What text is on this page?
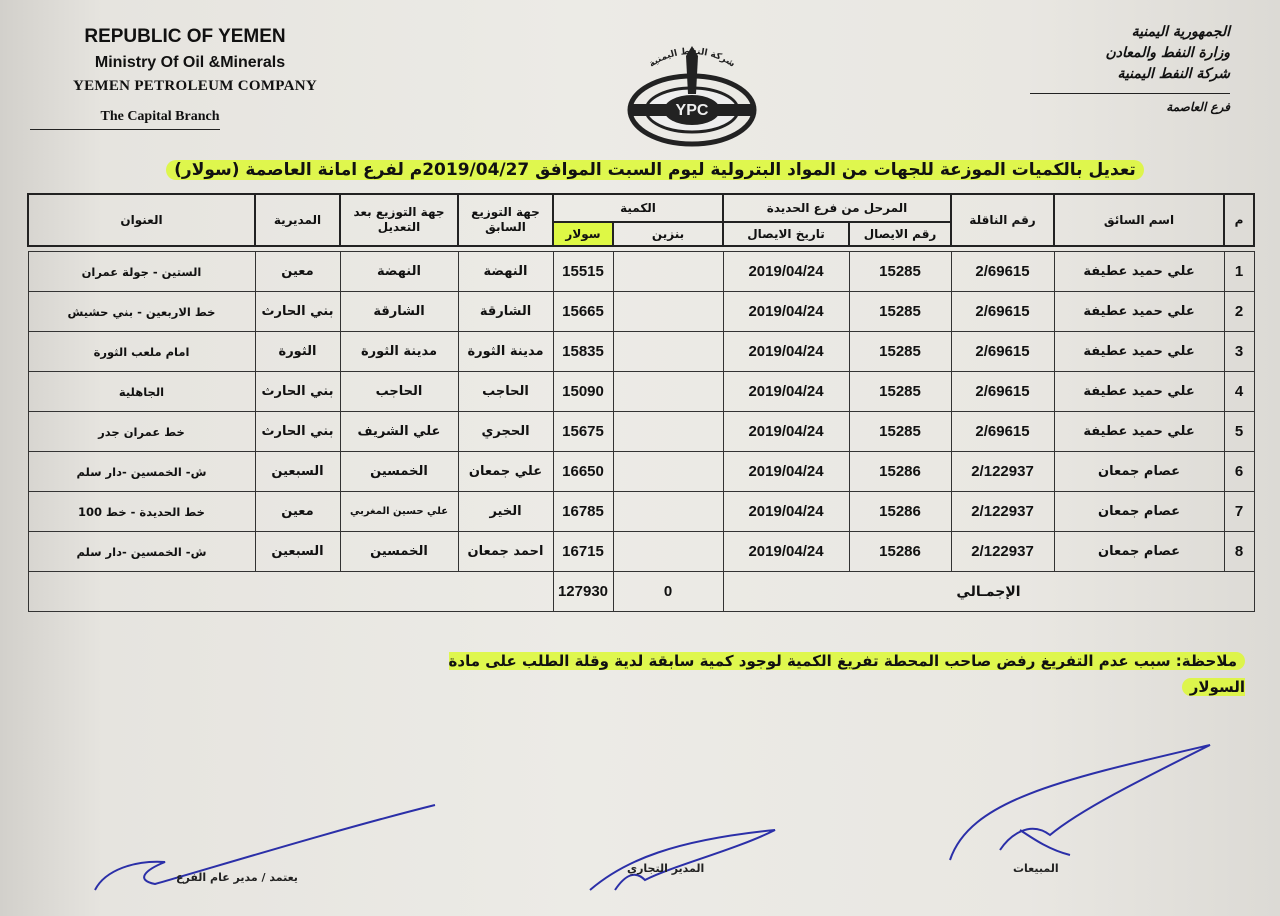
REPUBLIC OF YEMEN
Ministry Of Oil &Minerals
YEMEN PETROLEUM COMPANY
The Capital Branch
الجمهورية اليمنية
وزارة النفط والمعادن
شركة النفط اليمنية
فرع العاصمة
YPC
شركة النفط اليمنية
تعديل بالكميات الموزعة للجهات من المواد البترولية ليوم السبت الموافق 2019/04/27م لفرع امانة العاصمة (سولار)
م	اسم السائق	رقم الناقلة	المرحل من فرع الحديدة		الكمية		جهة التوزيع السابق	جهة التوزيع بعد التعديل	المديرية	العنوان
			رقم الايصال	تاريخ الايصال	بنزين	سولار				

1	علي حميد عطيفة	2/69615	15285	2019/04/24		15515	النهضة	النهضة	معين	الستين - جولة عمران
2	علي حميد عطيفة	2/69615	15285	2019/04/24		15665	الشارقة	الشارقة	بني الحارث	خط الاربعين - بني حشيش
3	علي حميد عطيفة	2/69615	15285	2019/04/24		15835	مدينة الثورة	مدينة الثورة	الثورة	امام ملعب الثورة
4	علي حميد عطيفة	2/69615	15285	2019/04/24		15090	الحاجب	الحاجب	بني الحارث	الجاهلية
5	علي حميد عطيفة	2/69615	15285	2019/04/24		15675	الحجري	علي الشريف	بني الحارث	خط عمران جدر
6	عصام جمعان	2/122937	15286	2019/04/24		16650	علي جمعان	الخمسين	السبعين	ش- الخمسين -دار سلم
7	عصام جمعان	2/122937	15286	2019/04/24		16785	الخير	علي حسين المغربي	معين	خط الحديدة - خط 100
8	عصام جمعان	2/122937	15286	2019/04/24		16715	احمد جمعان	الخمسين	السبعين	ش- الخمسين -دار سلم
الإجمـالي					0	127930				
ملاحظة: سبب عدم التفريغ رفض صاحب المحطة تفريغ الكمية لوجود كمية سابقة لدية وقلة الطلب على مادة السولار
المبيعات
المدير التجاري
يعتمد / مدير عام الفرع
